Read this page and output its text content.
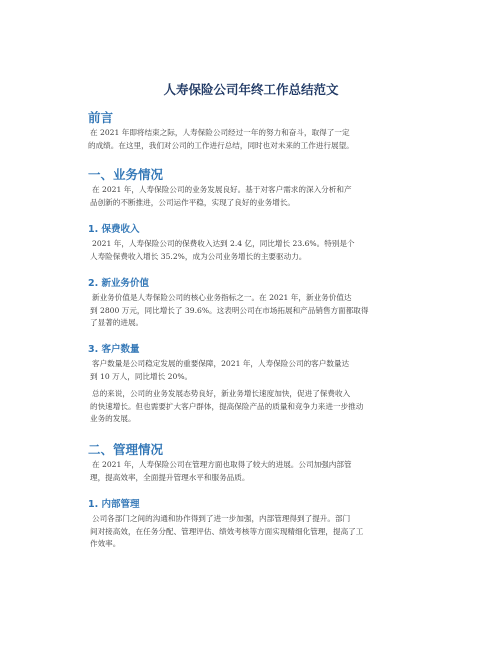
人寿保险公司年终工作总结范文
前言
在 2021 年即将结束之际，人寿保险公司经过一年的努力和奋斗，取得了一定
的成绩。在这里，我们对公司的工作进行总结，同时也对未来的工作进行展望。
一、业务情况
在 2021 年，人寿保险公司的业务发展良好。基于对客户需求的深入分析和产
品创新的不断推进，公司运作平稳，实现了良好的业务增长。
1. 保费收入
2021 年，人寿保险公司的保费收入达到 2.4 亿，同比增长 23.6%。特别是个
人寿险保费收入增长 35.2%，成为公司业务增长的主要驱动力。
2. 新业务价值
新业务价值是人寿保险公司的核心业务指标之一。在 2021 年，新业务价值达
到 2800 万元，同比增长了 39.6%。这表明公司在市场拓展和产品销售方面都取得
了显著的进展。
3. 客户数量
客户数量是公司稳定发展的重要保障，2021 年，人寿保险公司的客户数量达
到 10 万人，同比增长 20%。
总的来说，公司的业务发展态势良好，新业务增长速度加快，促进了保费收入
的快速增长。但也需要扩大客户群体，提高保险产品的质量和竞争力来进一步推动
业务的发展。
二、管理情况
在 2021 年，人寿保险公司在管理方面也取得了较大的进展。公司加强内部管
理，提高效率，全面提升管理水平和服务品质。
1. 内部管理
公司各部门之间的沟通和协作得到了进一步加强，内部管理得到了提升。部门
间对接高效，在任务分配、管理评估、绩效考核等方面实现精细化管理，提高了工
作效率。
